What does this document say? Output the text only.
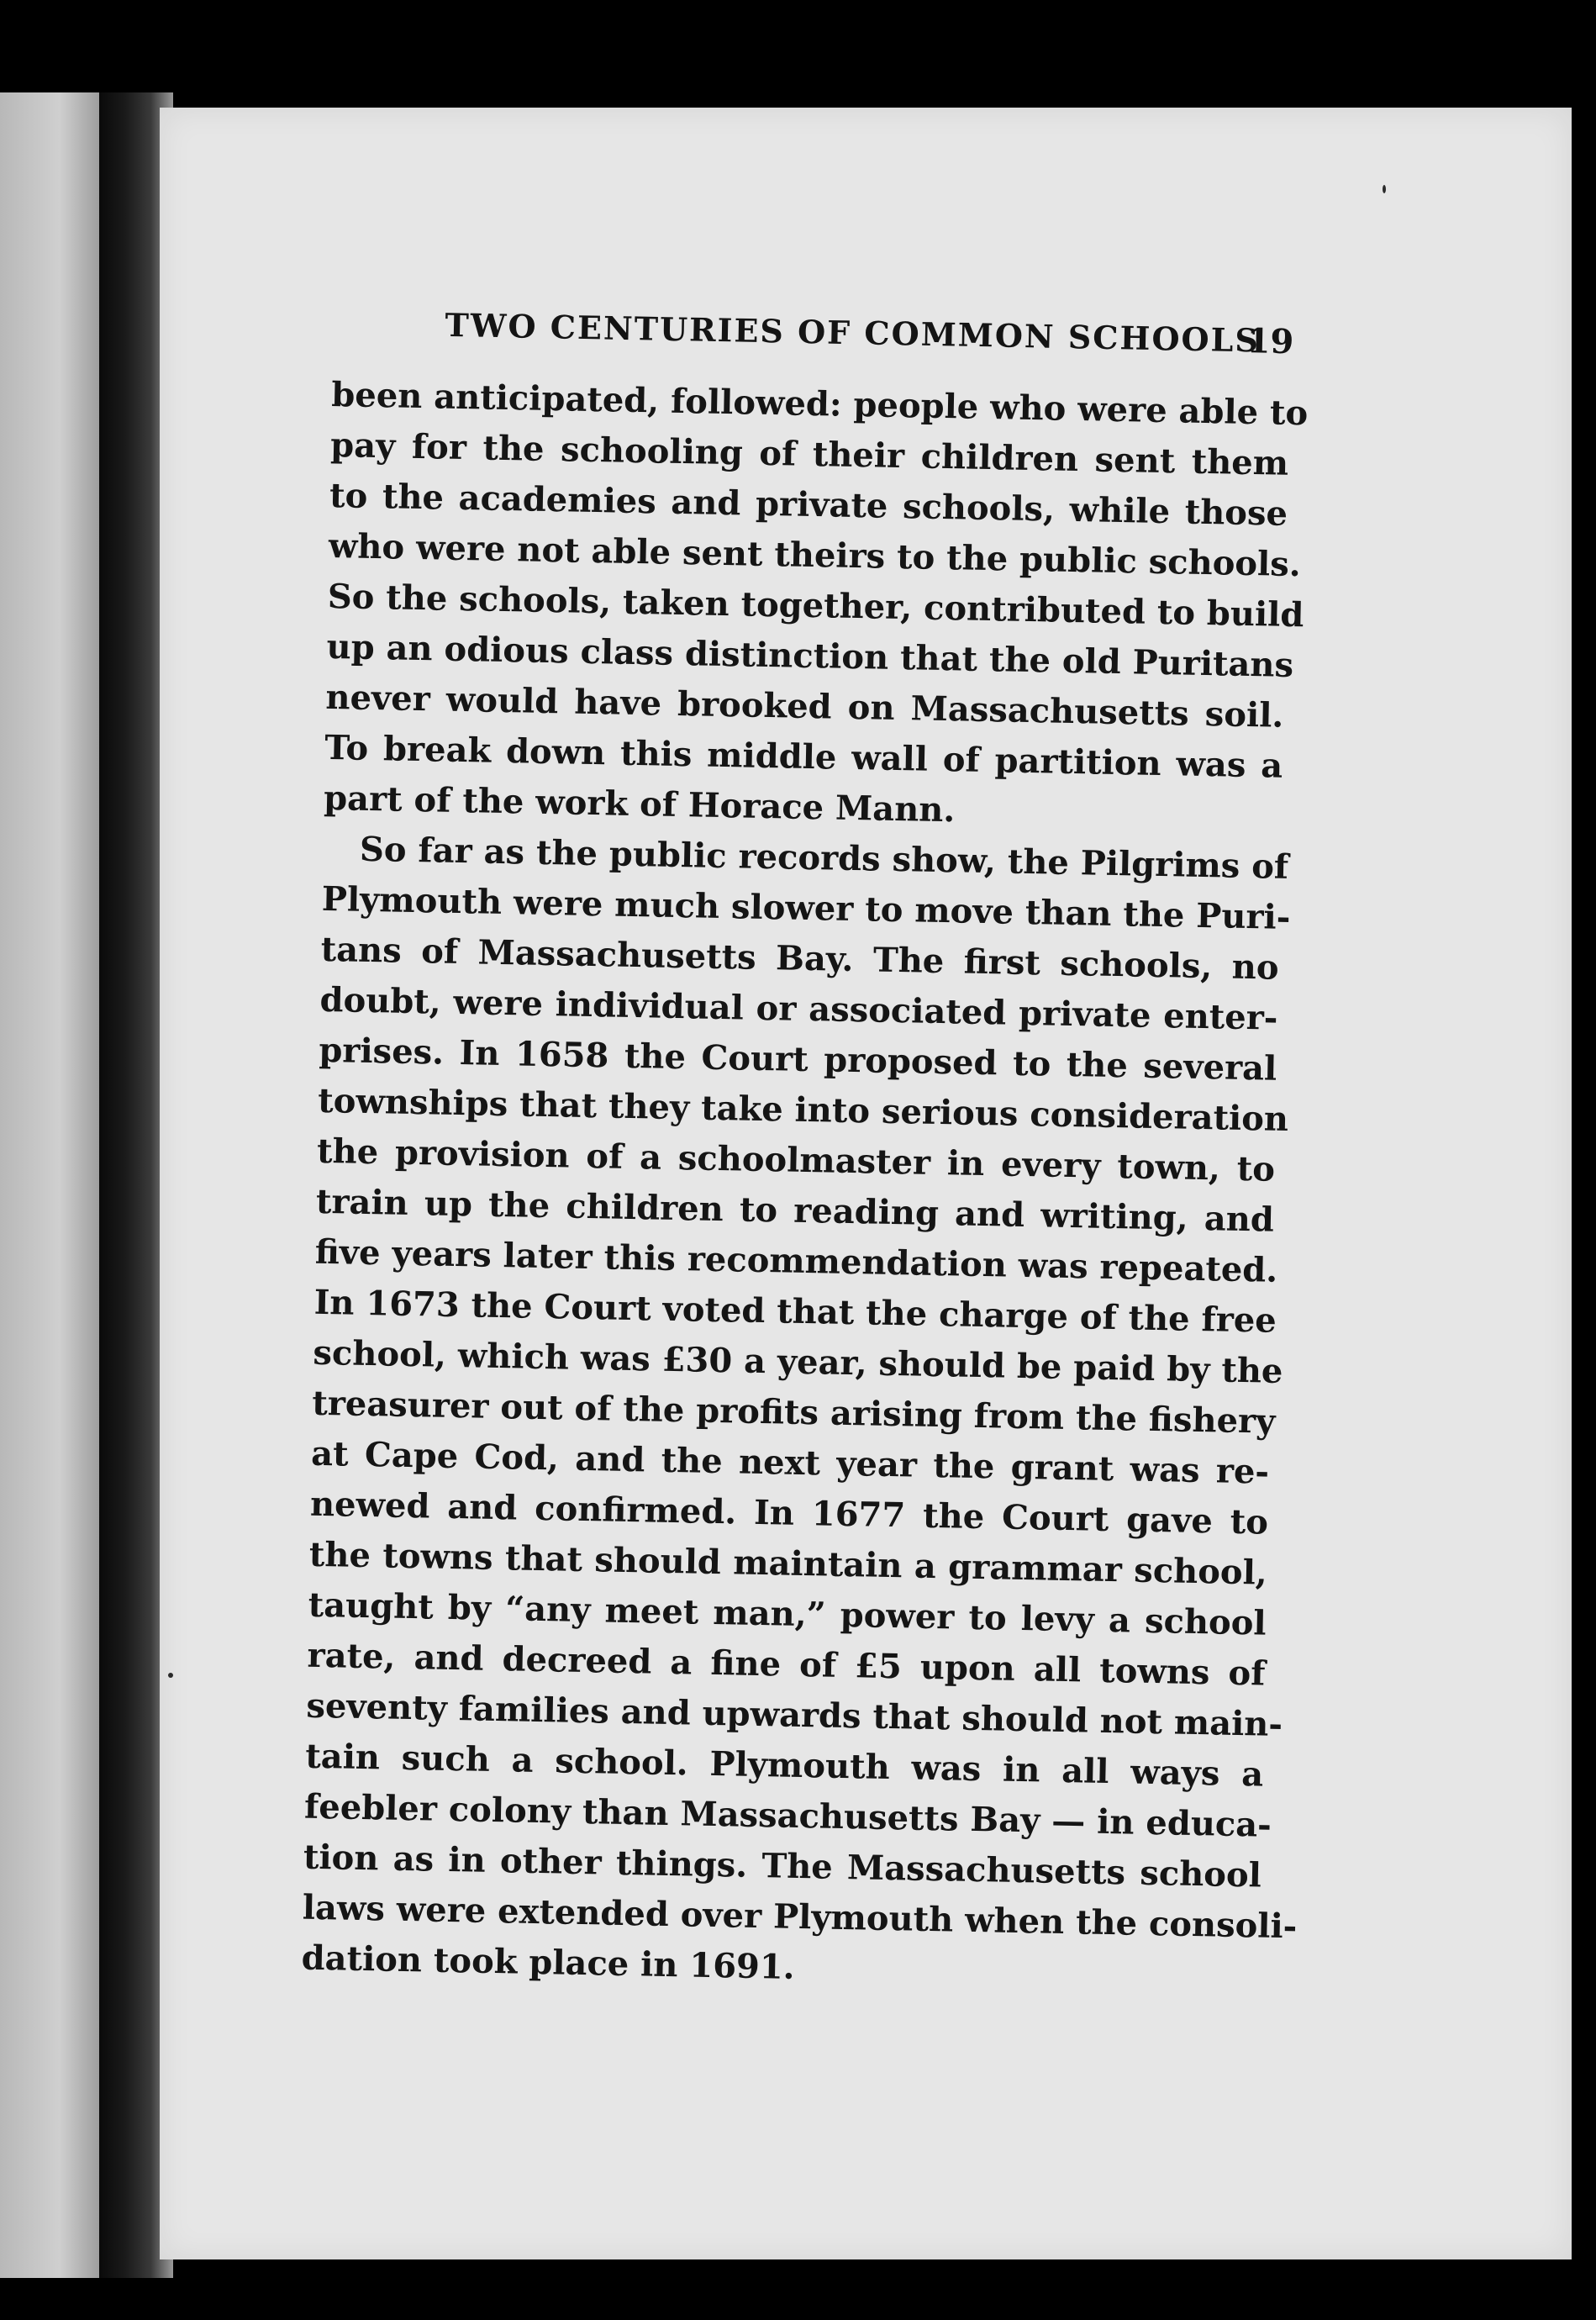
TWO CENTURIES OF COMMON SCHOOLS
19
been anticipated, followed: people who were able to
pay for the schooling of their children sent them
to the academies and private schools, while those
who were not able sent theirs to the public schools.
So the schools, taken together, contributed to build
up an odious class distinction that the old Puritans
never would have brooked on Massachusetts soil.
To break down this middle wall of partition was a
part of the work of Horace Mann.
So far as the public records show, the Pilgrims of
Plymouth were much slower to move than the Puri-
tans of Massachusetts Bay. The first schools, no
doubt, were individual or associated private enter-
prises. In 1658 the Court proposed to the several
townships that they take into serious consideration
the provision of a schoolmaster in every town, to
train up the children to reading and writing, and
five years later this recommendation was repeated.
In 1673 the Court voted that the charge of the free
school, which was £30 a year, should be paid by the
treasurer out of the profits arising from the fishery
at Cape Cod, and the next year the grant was re-
newed and confirmed. In 1677 the Court gave to
the towns that should maintain a grammar school,
taught by “any meet man,” power to levy a school
rate, and decreed a fine of £5 upon all towns of
seventy families and upwards that should not main-
tain such a school. Plymouth was in all ways a
feebler colony than Massachusetts Bay — in educa-
tion as in other things. The Massachusetts school
laws were extended over Plymouth when the consoli-
dation took place in 1691.
